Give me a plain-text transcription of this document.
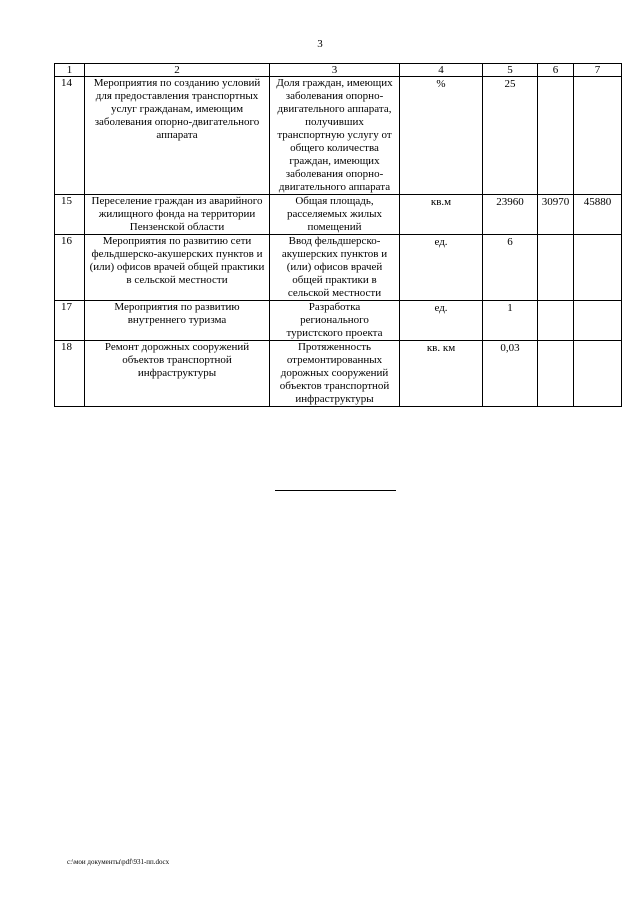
3
1	2	3	4	5	6	7
14	Мероприятия по созданию условий для предоставления транспортных услуг гражданам, имеющим заболевания опорно-двигательного аппарата	Доля граждан, имеющих заболевания опорно-двигательного аппарата, получивших транспортную услугу от общего количества граждан, имеющих заболевания опорно-двигательного аппарата	%	25		
15	Переселение граждан из аварийного жилищного фонда на территории Пензенской области	Общая площадь, расселяемых жилых помещений	кв.м	23960	30970	45880
16	Мероприятия по развитию сети фельдшерско-акушерских пунктов и (или) офисов врачей общей практики в сельской местности	Ввод фельдшерско-акушерских пунктов и (или) офисов врачей общей практики в сельской местности	ед.	6		
17	Мероприятия по развитию внутреннего туризма	Разработка регионального туристского проекта	ед.	1		
18	Ремонт дорожных сооружений объектов транспортной инфраструктуры	Протяженность отремонтированных дорожных сооружений объектов транспортной инфраструктуры	кв. км	0,03		
c:\мои документы\pdf\931-пп.docx
